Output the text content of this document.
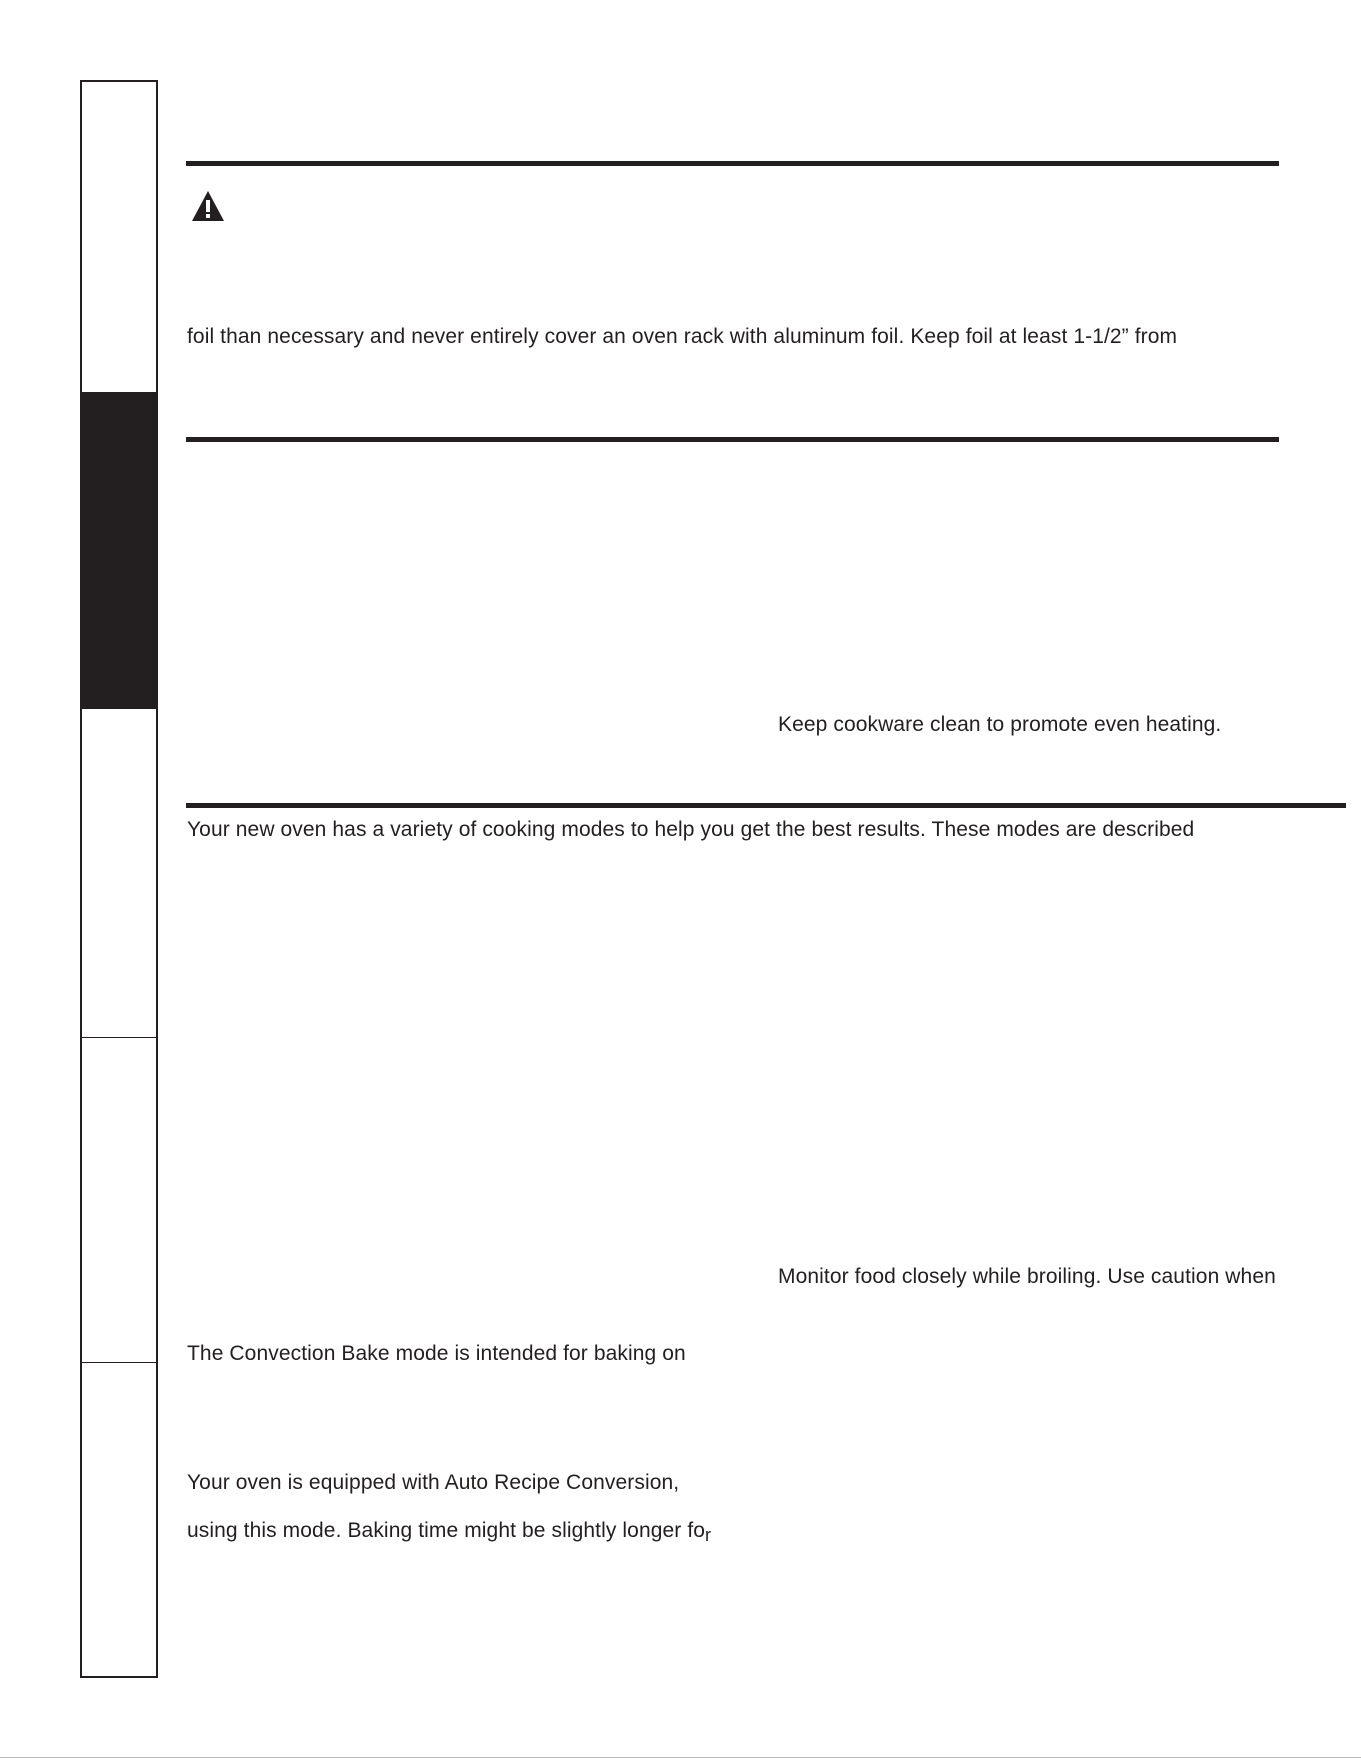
foil than necessary and never entirely cover an oven rack with aluminum foil. Keep foil at least 1-1/2” from
Keep cookware clean to promote even heating.
Your new oven has a variety of cooking modes to help you get the best results. These modes are described
Monitor food closely while broiling. Use caution when
The Convection Bake mode is intended for baking on
Your oven is equipped with Auto Recipe Conversion,
using this mode. Baking time might be slightly longer for
